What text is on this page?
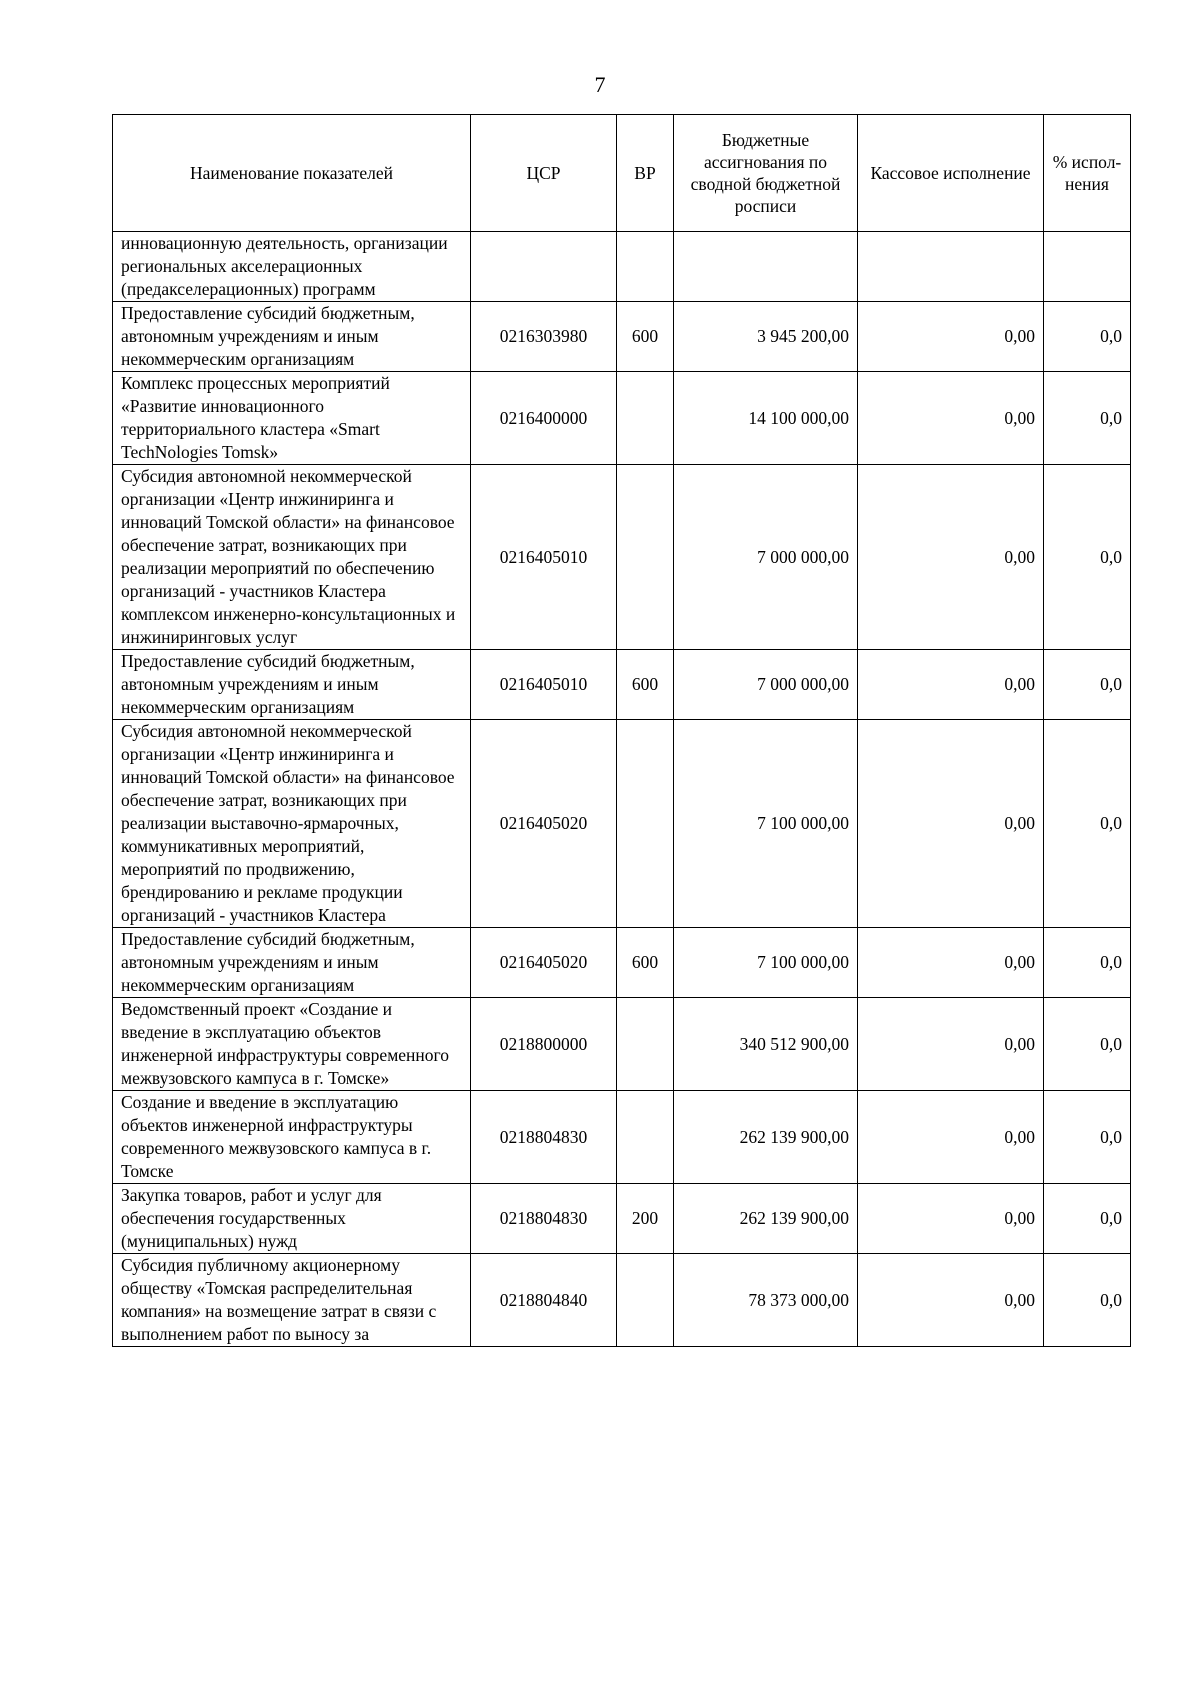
7
Наименование показателей	ЦСР	ВР	Бюджетные ассигнования по сводной бюджетной росписи	Кассовое исполнение	% испол-нения
инновационную деятельность, организации региональных акселерационных (предакселерационных) программ					
Предоставление субсидий бюджетным, автономным учреждениям и иным некоммерческим организациям	0216303980	600	3 945 200,00	0,00	0,0
Комплекс процессных мероприятий «Развитие инновационного территориального кластера «Smart TechNologies Tomsk»	0216400000		14 100 000,00	0,00	0,0
Субсидия автономной некоммерческой организации «Центр инжиниринга и инноваций Томской области» на финансовое обеспечение затрат, возникающих при реализации мероприятий по обеспечению организаций - участников Кластера комплексом инженерно-консультационных и инжиниринговых услуг	0216405010		7 000 000,00	0,00	0,0
Предоставление субсидий бюджетным, автономным учреждениям и иным некоммерческим организациям	0216405010	600	7 000 000,00	0,00	0,0
Субсидия автономной некоммерческой организации «Центр инжиниринга и инноваций Томской области» на финансовое обеспечение затрат, возникающих при реализации выставочно-ярмарочных, коммуникативных мероприятий, мероприятий по продвижению, брендированию и рекламе продукции организаций - участников Кластера	0216405020		7 100 000,00	0,00	0,0
Предоставление субсидий бюджетным, автономным учреждениям и иным некоммерческим организациям	0216405020	600	7 100 000,00	0,00	0,0
Ведомственный проект «Создание и введение в эксплуатацию объектов инженерной инфраструктуры современного межвузовского кампуса в г. Томске»	0218800000		340 512 900,00	0,00	0,0
Создание и введение в эксплуатацию объектов инженерной инфраструктуры современного межвузовского кампуса в г. Томске	0218804830		262 139 900,00	0,00	0,0
Закупка товаров, работ и услуг для обеспечения государственных (муниципальных) нужд	0218804830	200	262 139 900,00	0,00	0,0
Субсидия публичному акционерному обществу «Томская распределительная компания» на возмещение затрат в связи с выполнением работ по выносу за	0218804840		78 373 000,00	0,00	0,0
